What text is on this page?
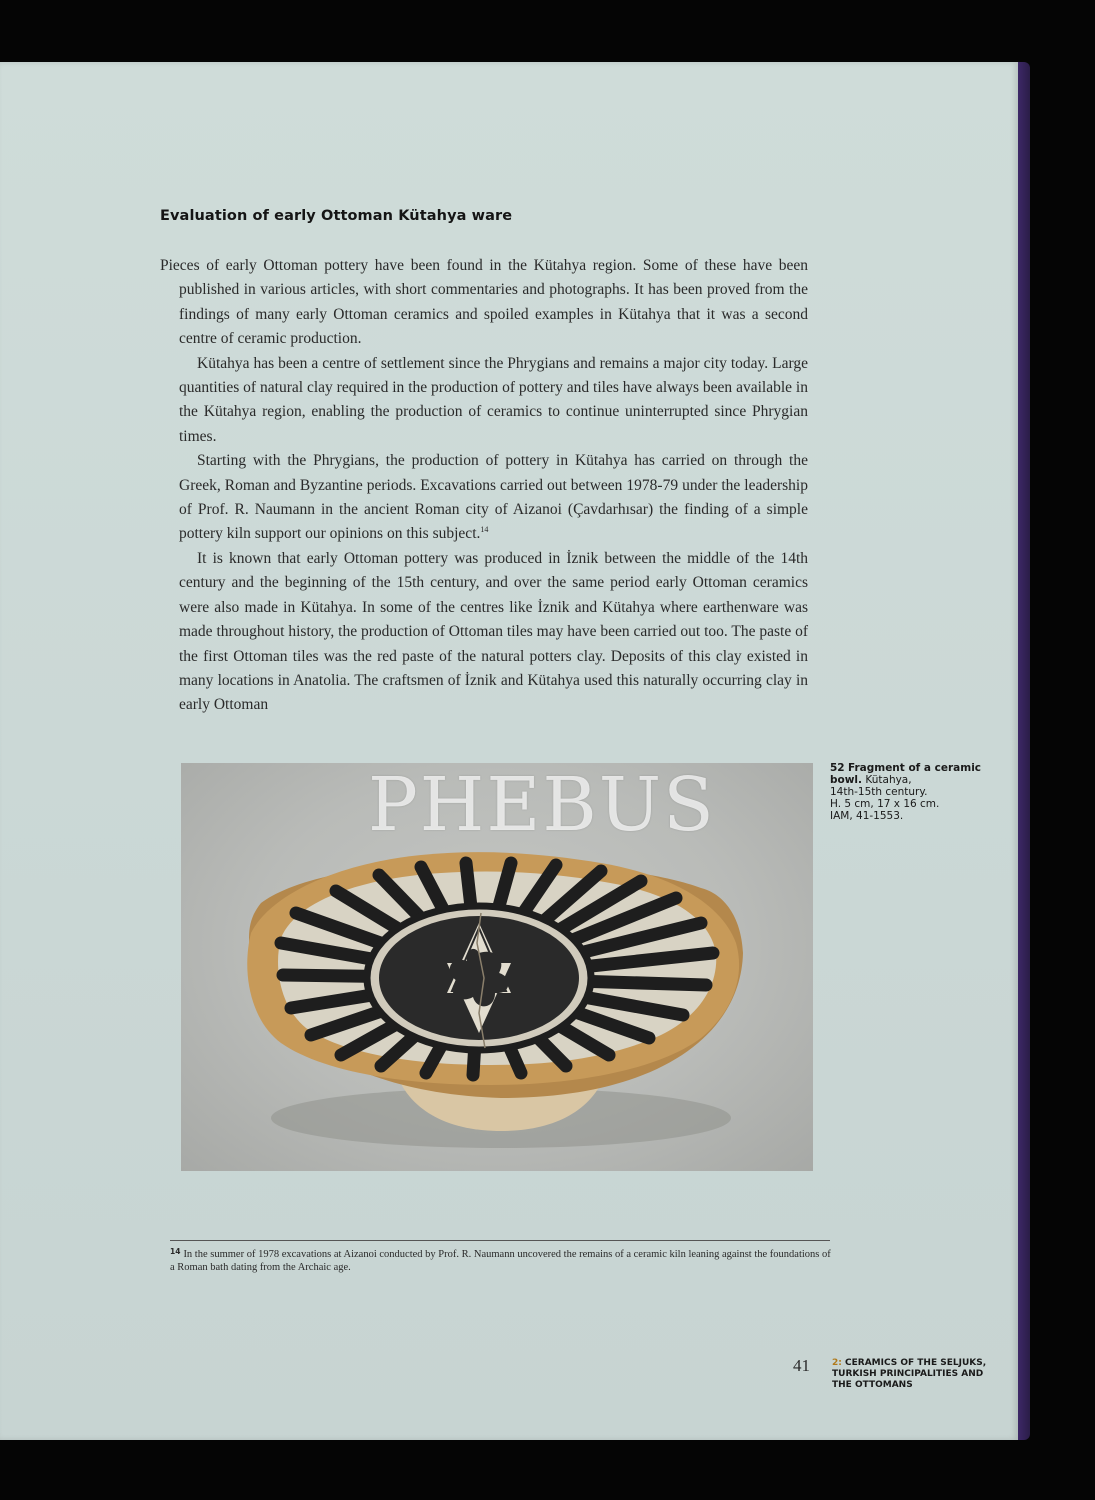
Evaluation of early Ottoman Kütahya ware

Pieces of early Ottoman pottery have been found in the Kütahya region. Some of these have been published in various articles, with short commentaries and photographs. It has been proved from the findings of many early Ottoman ceramics and spoiled examples in Kütahya that it was a second centre of ceramic production.

Kütahya has been a centre of settlement since the Phrygians and remains a major city today. Large quantities of natural clay required in the production of pottery and tiles have always been available in the Kütahya region, enabling the production of ceramics to continue uninterrupted since Phrygian times.

Starting with the Phrygians, the production of pottery in Kütahya has carried on through the Greek, Roman and Byzantine periods. Excavations carried out between 1978-79 under the leadership of Prof. R. Naumann in the ancient Roman city of Aizanoi (Çavdarhısar) the finding of a simple pottery kiln support our opinions on this subject.$^{14}$

It is known that early Ottoman pottery was produced in İznik between the middle of the 14th century and the beginning of the 15th century, and over the same period early Ottoman ceramics were also made in Kütahya. In some of the centres like İznik and Kütahya where earthenware was made throughout history, the production of Ottoman tiles may have been carried out too. The paste of the first Ottoman tiles was the red paste of the natural potters clay. Deposits of this clay existed in many locations in Anatolia. The craftsmen of İznik and Kütahya used this naturally occurring clay in early Ottoman

PHEBUS	52 Fragment of a ceramic bowl. Kütahya,
14th-15th century.
H. 5 cm, 17 x 16 cm.
IAM, 41-1553.
$^{14}$ In the summer of 1978 excavations at Aizanoi conducted by Prof. R. Naumann uncovered the remains of a ceramic kiln leaning against the foundations of a Roman bath dating from the Archaic age.
41 2: CERAMICS OF THE SELJUKS, TURKISH PRINCIPALITIES AND THE OTTOMANS
